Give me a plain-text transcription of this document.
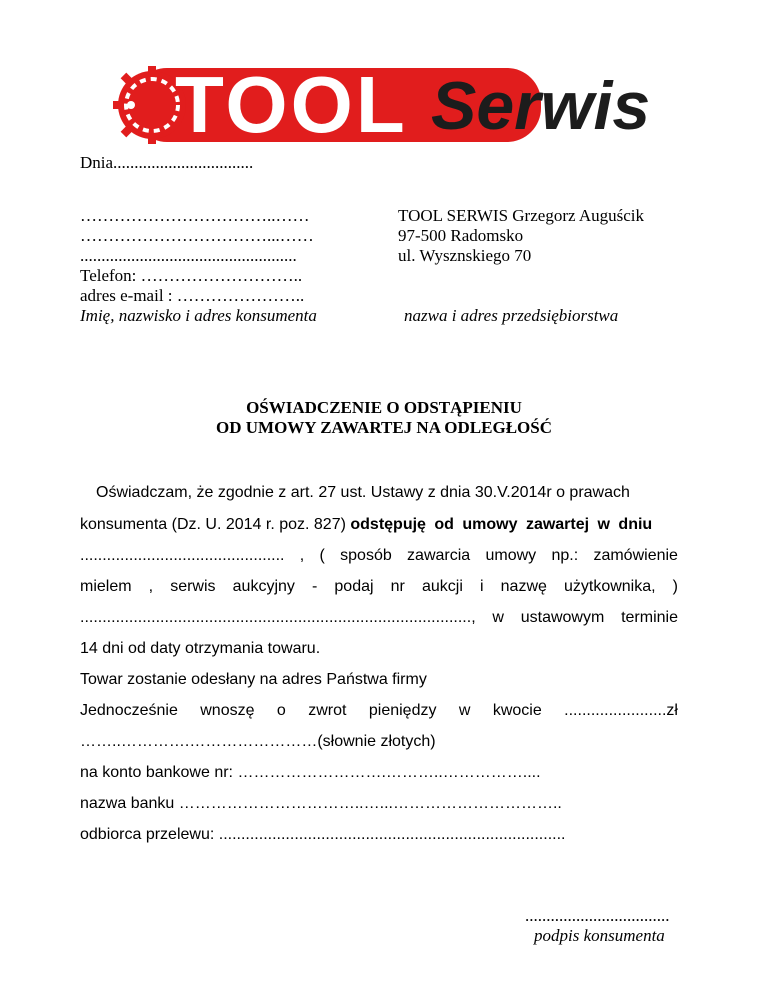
TOOL Serwis
Dnia.................................
……………………………..……
……………………………...……
...................................................
Telefon: ………………………..
adres e-mail : …………………..
Imię, nazwisko i adres konsumenta
TOOL SERWIS Grzegorz Auguścik
97-500 Radomsko
ul. Wysznskiego 70
nazwa i adres przedsiębiorstwa
OŚWIADCZENIE O ODSTĄPIENIU
OD UMOWY ZAWARTEJ NA ODLEGŁOŚĆ
Oświadczam, że zgodnie z art. 27 ust. Ustawy z dnia 30.V.2014r o prawach
konsumenta (Dz. U. 2014 r. poz. 827) odstępuję od umowy zawartej w dniu
.............................................. , ( sposób zawarcia umowy np.: zamówienie
mielem , serwis aukcyjny - podaj nr aukcji i nazwę użytkownika, )
........................................................................................, w ustawowym terminie
14 dni od daty otrzymania towaru.
Towar zostanie odesłany na adres Państwa firmy
Jednocześnie wnoszę o zwrot pieniędzy w kwocie .......................zł
……..………….……………………(słownie złotych)
na konto bankowe nr: ……………………….………..……………....
nazwa banku ……………………………..…...…………………………..
odbiorca przelewu: ..............................................................................
..................................
podpis konsumenta
